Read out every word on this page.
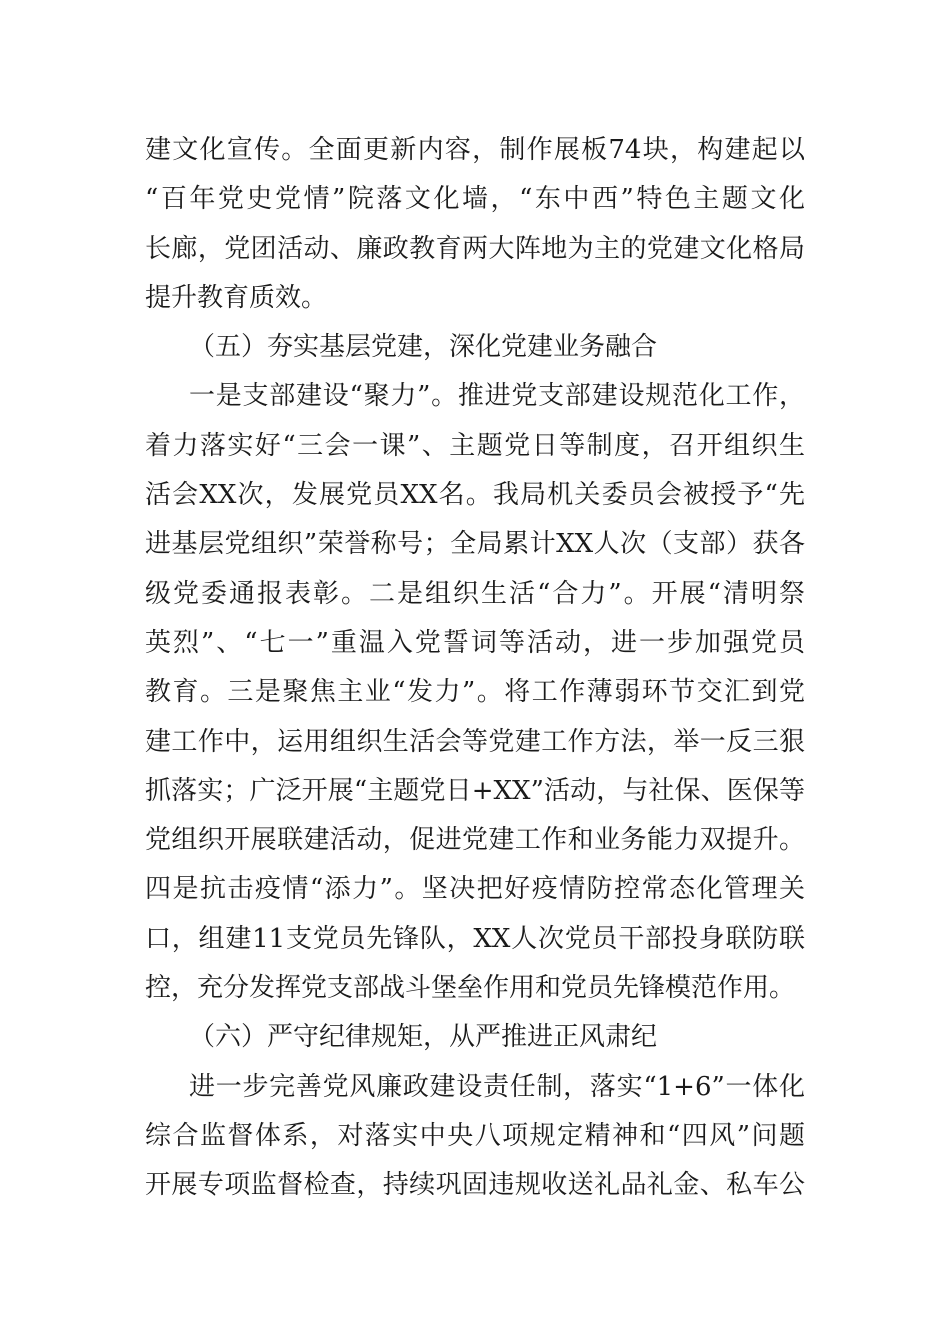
建文化宣传。全面更新内容，制作展板74块，构建起以
“百年党史党情”院落文化墙，“东中西”特色主题文化
长廊，党团活动、廉政教育两大阵地为主的党建文化格局
提升教育质效。
（五）夯实基层党建，深化党建业务融合
一是支部建设“聚力”。推进党支部建设规范化工作，
着力落实好“三会一课”、主题党日等制度，召开组织生
活会XX次，发展党员XX名。我局机关委员会被授予“先
进基层党组织”荣誉称号；全局累计XX人次（支部）获各
级党委通报表彰。二是组织生活“合力”。开展“清明祭
英烈”、“七一”重温入党誓词等活动，进一步加强党员
教育。三是聚焦主业“发力”。将工作薄弱环节交汇到党
建工作中，运用组织生活会等党建工作方法，举一反三狠
抓落实；广泛开展“主题党日+XX”活动，与社保、医保等
党组织开展联建活动，促进党建工作和业务能力双提升。
四是抗击疫情“添力”。坚决把好疫情防控常态化管理关
口，组建11支党员先锋队，XX人次党员干部投身联防联
控，充分发挥党支部战斗堡垒作用和党员先锋模范作用。
（六）严守纪律规矩，从严推进正风肃纪
进一步完善党风廉政建设责任制，落实“1+6”一体化
综合监督体系，对落实中央八项规定精神和“四风”问题
开展专项监督检查，持续巩固违规收送礼品礼金、私车公
